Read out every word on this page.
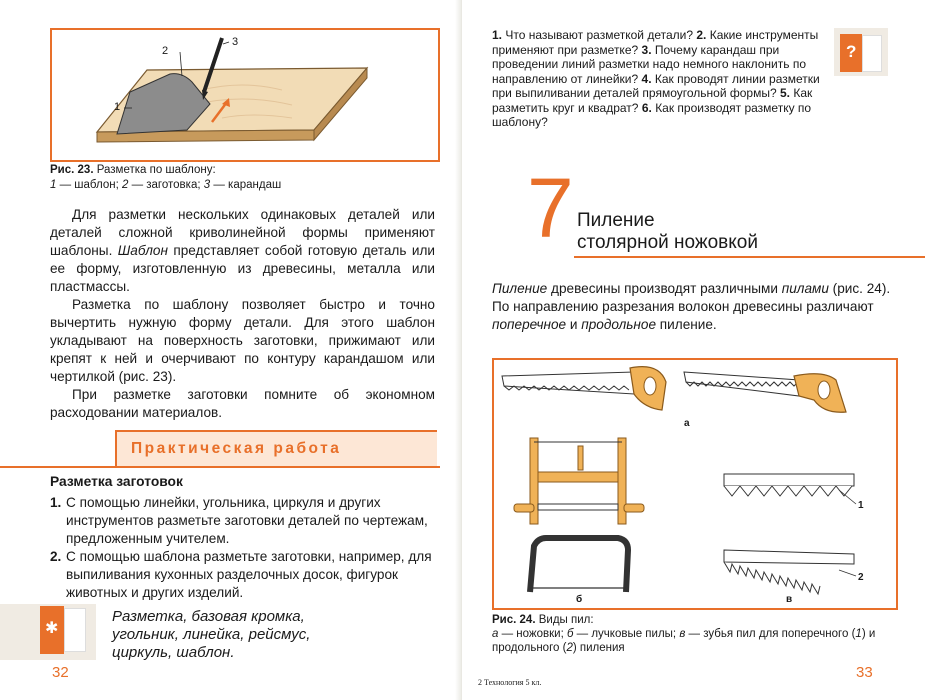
2
3
1
Рис. 23. Разметка по шаблону:
1 — шаблон; 2 — заготовка; 3 — карандаш

Для разметки нескольких одинаковых деталей или деталей сложной криволинейной формы применяют шаблоны. Шаблон представляет собой готовую деталь или ее форму, изготовленную из древесины, металла или пластмассы.

Разметка по шаблону позволяет быстро и точно вычертить нужную форму детали. Для этого шаблон укладывают на поверхность заготовки, прижимают или крепят к ней и очерчивают по контуру карандашом или чертилкой (рис. 23).

При разметке заготовки помните об экономном расходовании материалов.

Практическая работа
Разметка заготовок
1. С помощью линейки, угольника, циркуля и других инструментов разметьте заготовки деталей по чертежам, предложенным учителем.
2. С помощью шаблона разметьте заготовки, например, для выпиливания кухонных разделочных досок, фигурок животных и других изделий.
✱
Разметка, базовая кромка,
угольник, линейка, рейсмус,
циркуль, шаблон.
32
1. Что называют разметкой детали? 2. Какие инструменты применяют при разметке? 3. Почему карандаш при проведении линий разметки надо немного наклонить по направлению от линейки? 4. Как проводят линии разметки при выпиливании деталей прямоугольной формы? 5. Как разметить круг и квадрат? 6. Как производят разметку по шаблону?
?
7 Пиление
столярной ножовкой
Пиление древесины производят различными пилами (рис. 24). По направлению разрезания волокон древесины различают поперечное и продольное пиление.
а
б	в
1
2
Рис. 24. Виды пил:
а — ножовки; б — лучковые пилы; в — зубья пил для поперечного (1) и продольного (2) пиления
2 Технология 5 кл.
33
